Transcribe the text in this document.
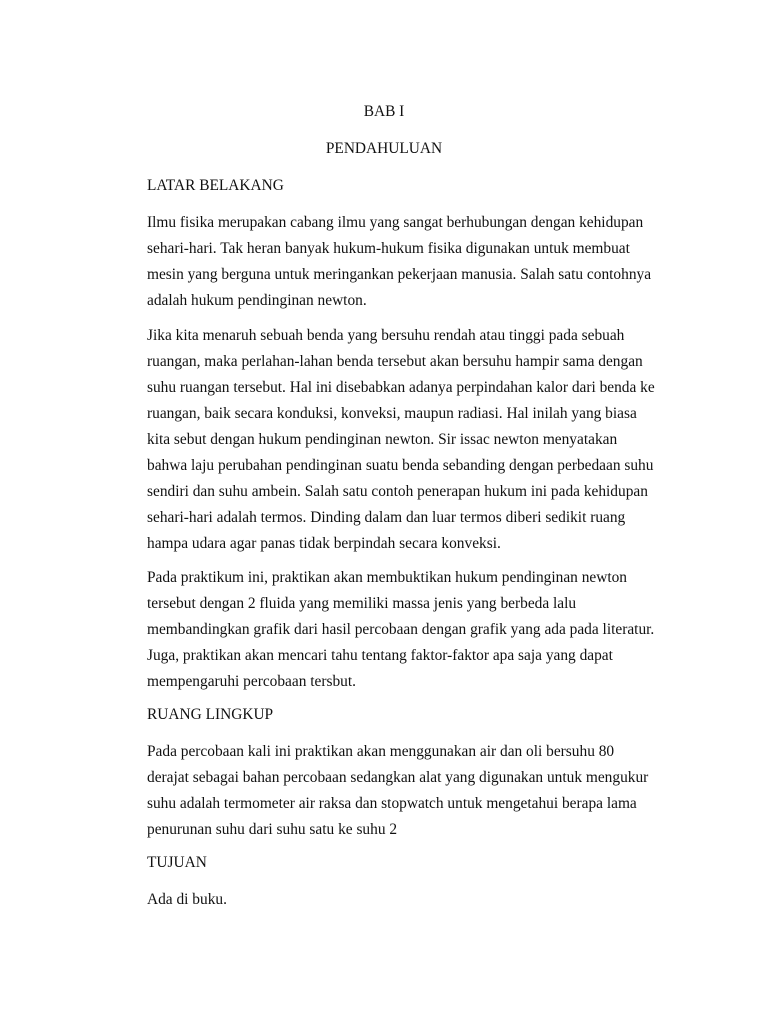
BAB I
PENDAHULUAN
LATAR BELAKANG
Ilmu fisika merupakan cabang ilmu yang sangat berhubungan dengan kehidupan
sehari-hari. Tak heran banyak hukum-hukum fisika digunakan untuk membuat
mesin yang berguna untuk meringankan pekerjaan manusia. Salah satu contohnya
adalah hukum pendinginan newton.
Jika kita menaruh sebuah benda yang bersuhu rendah atau tinggi pada sebuah
ruangan, maka perlahan-lahan benda tersebut akan bersuhu hampir sama dengan
suhu ruangan tersebut. Hal ini disebabkan adanya perpindahan kalor dari benda ke
ruangan, baik secara konduksi, konveksi, maupun radiasi. Hal inilah yang biasa
kita sebut dengan hukum pendinginan newton. Sir issac newton menyatakan
bahwa laju perubahan pendinginan suatu benda sebanding dengan perbedaan suhu
sendiri dan suhu ambein. Salah satu contoh penerapan hukum ini pada kehidupan
sehari-hari adalah termos. Dinding dalam dan luar termos diberi sedikit ruang
hampa udara agar panas tidak berpindah secara konveksi.
Pada praktikum ini, praktikan akan membuktikan hukum pendinginan newton
tersebut dengan 2 fluida yang memiliki massa jenis yang berbeda lalu
membandingkan grafik dari hasil percobaan dengan grafik yang ada pada literatur.
Juga, praktikan akan mencari tahu tentang faktor-faktor apa saja yang dapat
mempengaruhi percobaan tersbut.
RUANG LINGKUP
Pada percobaan kali ini praktikan akan menggunakan air dan oli bersuhu 80
derajat sebagai bahan percobaan sedangkan alat yang digunakan untuk mengukur
suhu adalah termometer air raksa dan stopwatch untuk mengetahui berapa lama
penurunan suhu dari suhu satu ke suhu 2
TUJUAN
Ada di buku.
